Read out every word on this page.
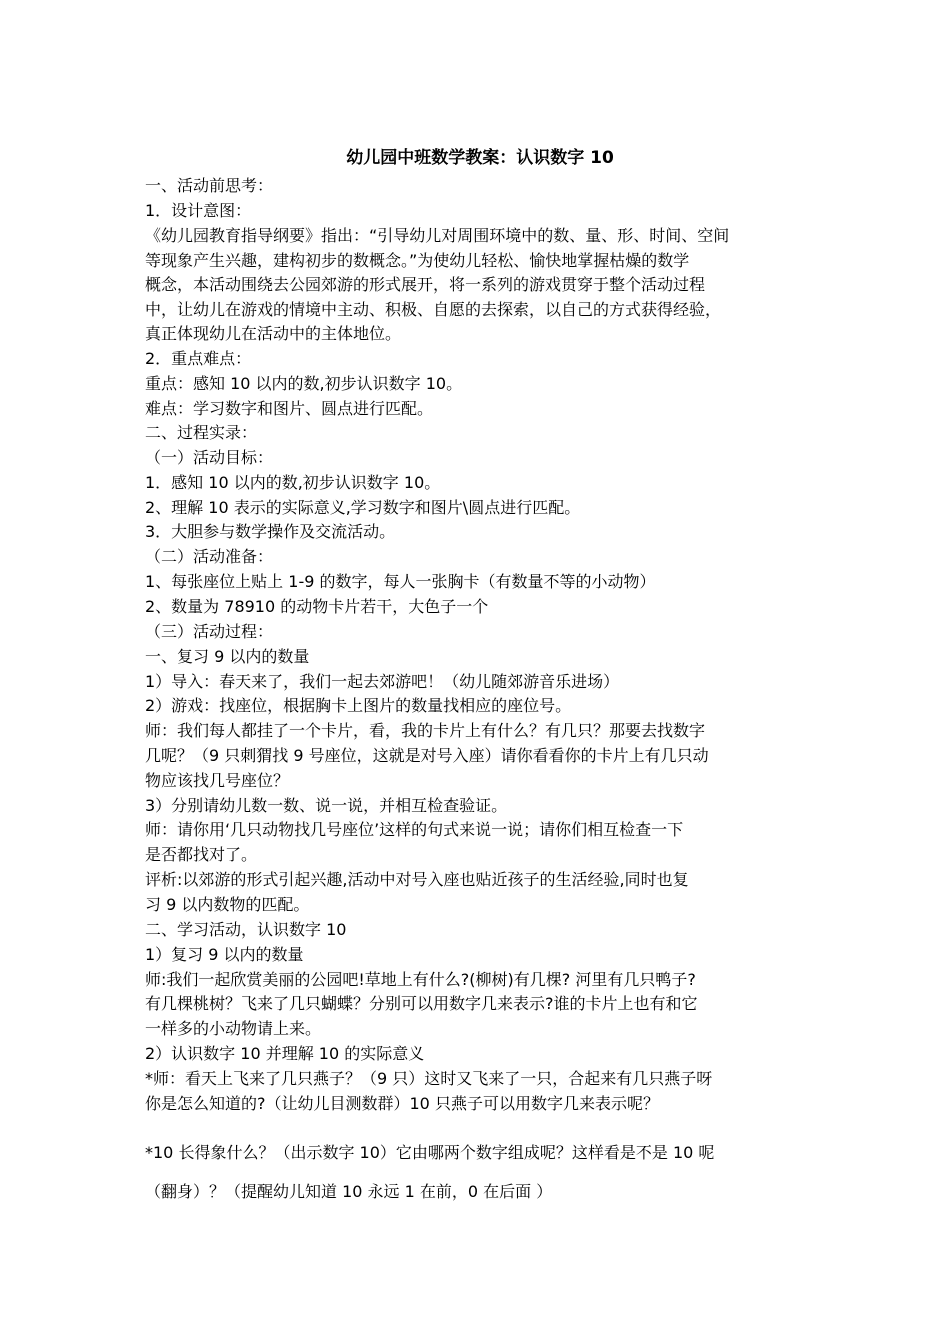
幼儿园中班数学教案：认识数字 10
一、活动前思考：
1．设计意图：
《幼儿园教育指导纲要》指出：“引导幼儿对周围环境中的数、量、形、时间、空间
等现象产生兴趣，建构初步的数概念。”为使幼儿轻松、愉快地掌握枯燥的数学
概念，本活动围绕去公园郊游的形式展开，将一系列的游戏贯穿于整个活动过程
中，让幼儿在游戏的情境中主动、积极、自愿的去探索，以自己的方式获得经验，
真正体现幼儿在活动中的主体地位。
2．重点难点：
重点：感知 10 以内的数,初步认识数字 10。
难点：学习数字和图片、圆点进行匹配。
二、过程实录：
（一）活动目标：
1．感知 10 以内的数,初步认识数字 10。
2、理解 10 表示的实际意义,学习数字和图片\圆点进行匹配。
3．大胆参与数学操作及交流活动。
（二）活动准备：
1、每张座位上贴上 1-9 的数字，每人一张胸卡（有数量不等的小动物）
2、数量为 78910 的动物卡片若干，大色子一个
（三）活动过程：
一、复习 9 以内的数量
1）导入：春天来了，我们一起去郊游吧！（幼儿随郊游音乐进场）
2）游戏：找座位，根据胸卡上图片的数量找相应的座位号。
师：我们每人都挂了一个卡片，看，我的卡片上有什么？有几只？那要去找数字
几呢？（9 只刺猬找 9 号座位，这就是对号入座）请你看看你的卡片上有几只动
物应该找几号座位？
3）分别请幼儿数一数、说一说，并相互检查验证。
师：请你用‘几只动物找几号座位’这样的句式来说一说；请你们相互检查一下
是否都找对了。
评析:以郊游的形式引起兴趣,活动中对号入座也贴近孩子的生活经验,同时也复
习 9 以内数物的匹配。
二、学习活动，认识数字 10
1）复习 9 以内的数量
师:我们一起欣赏美丽的公园吧!草地上有什么?(柳树)有几棵? 河里有几只鸭子?
有几棵桃树？飞来了几只蝴蝶？分别可以用数字几来表示?谁的卡片上也有和它
一样多的小动物请上来。
2）认识数字 10 并理解 10 的实际意义
*师：看天上飞来了几只燕子？（9 只）这时又飞来了一只，合起来有几只燕子呀
你是怎么知道的?（让幼儿目测数群）10 只燕子可以用数字几来表示呢？
*10 长得象什么？（出示数字 10）它由哪两个数字组成呢？这样看是不是 10 呢
（翻身）？（提醒幼儿知道 10 永远 1 在前，0 在后面 ）
